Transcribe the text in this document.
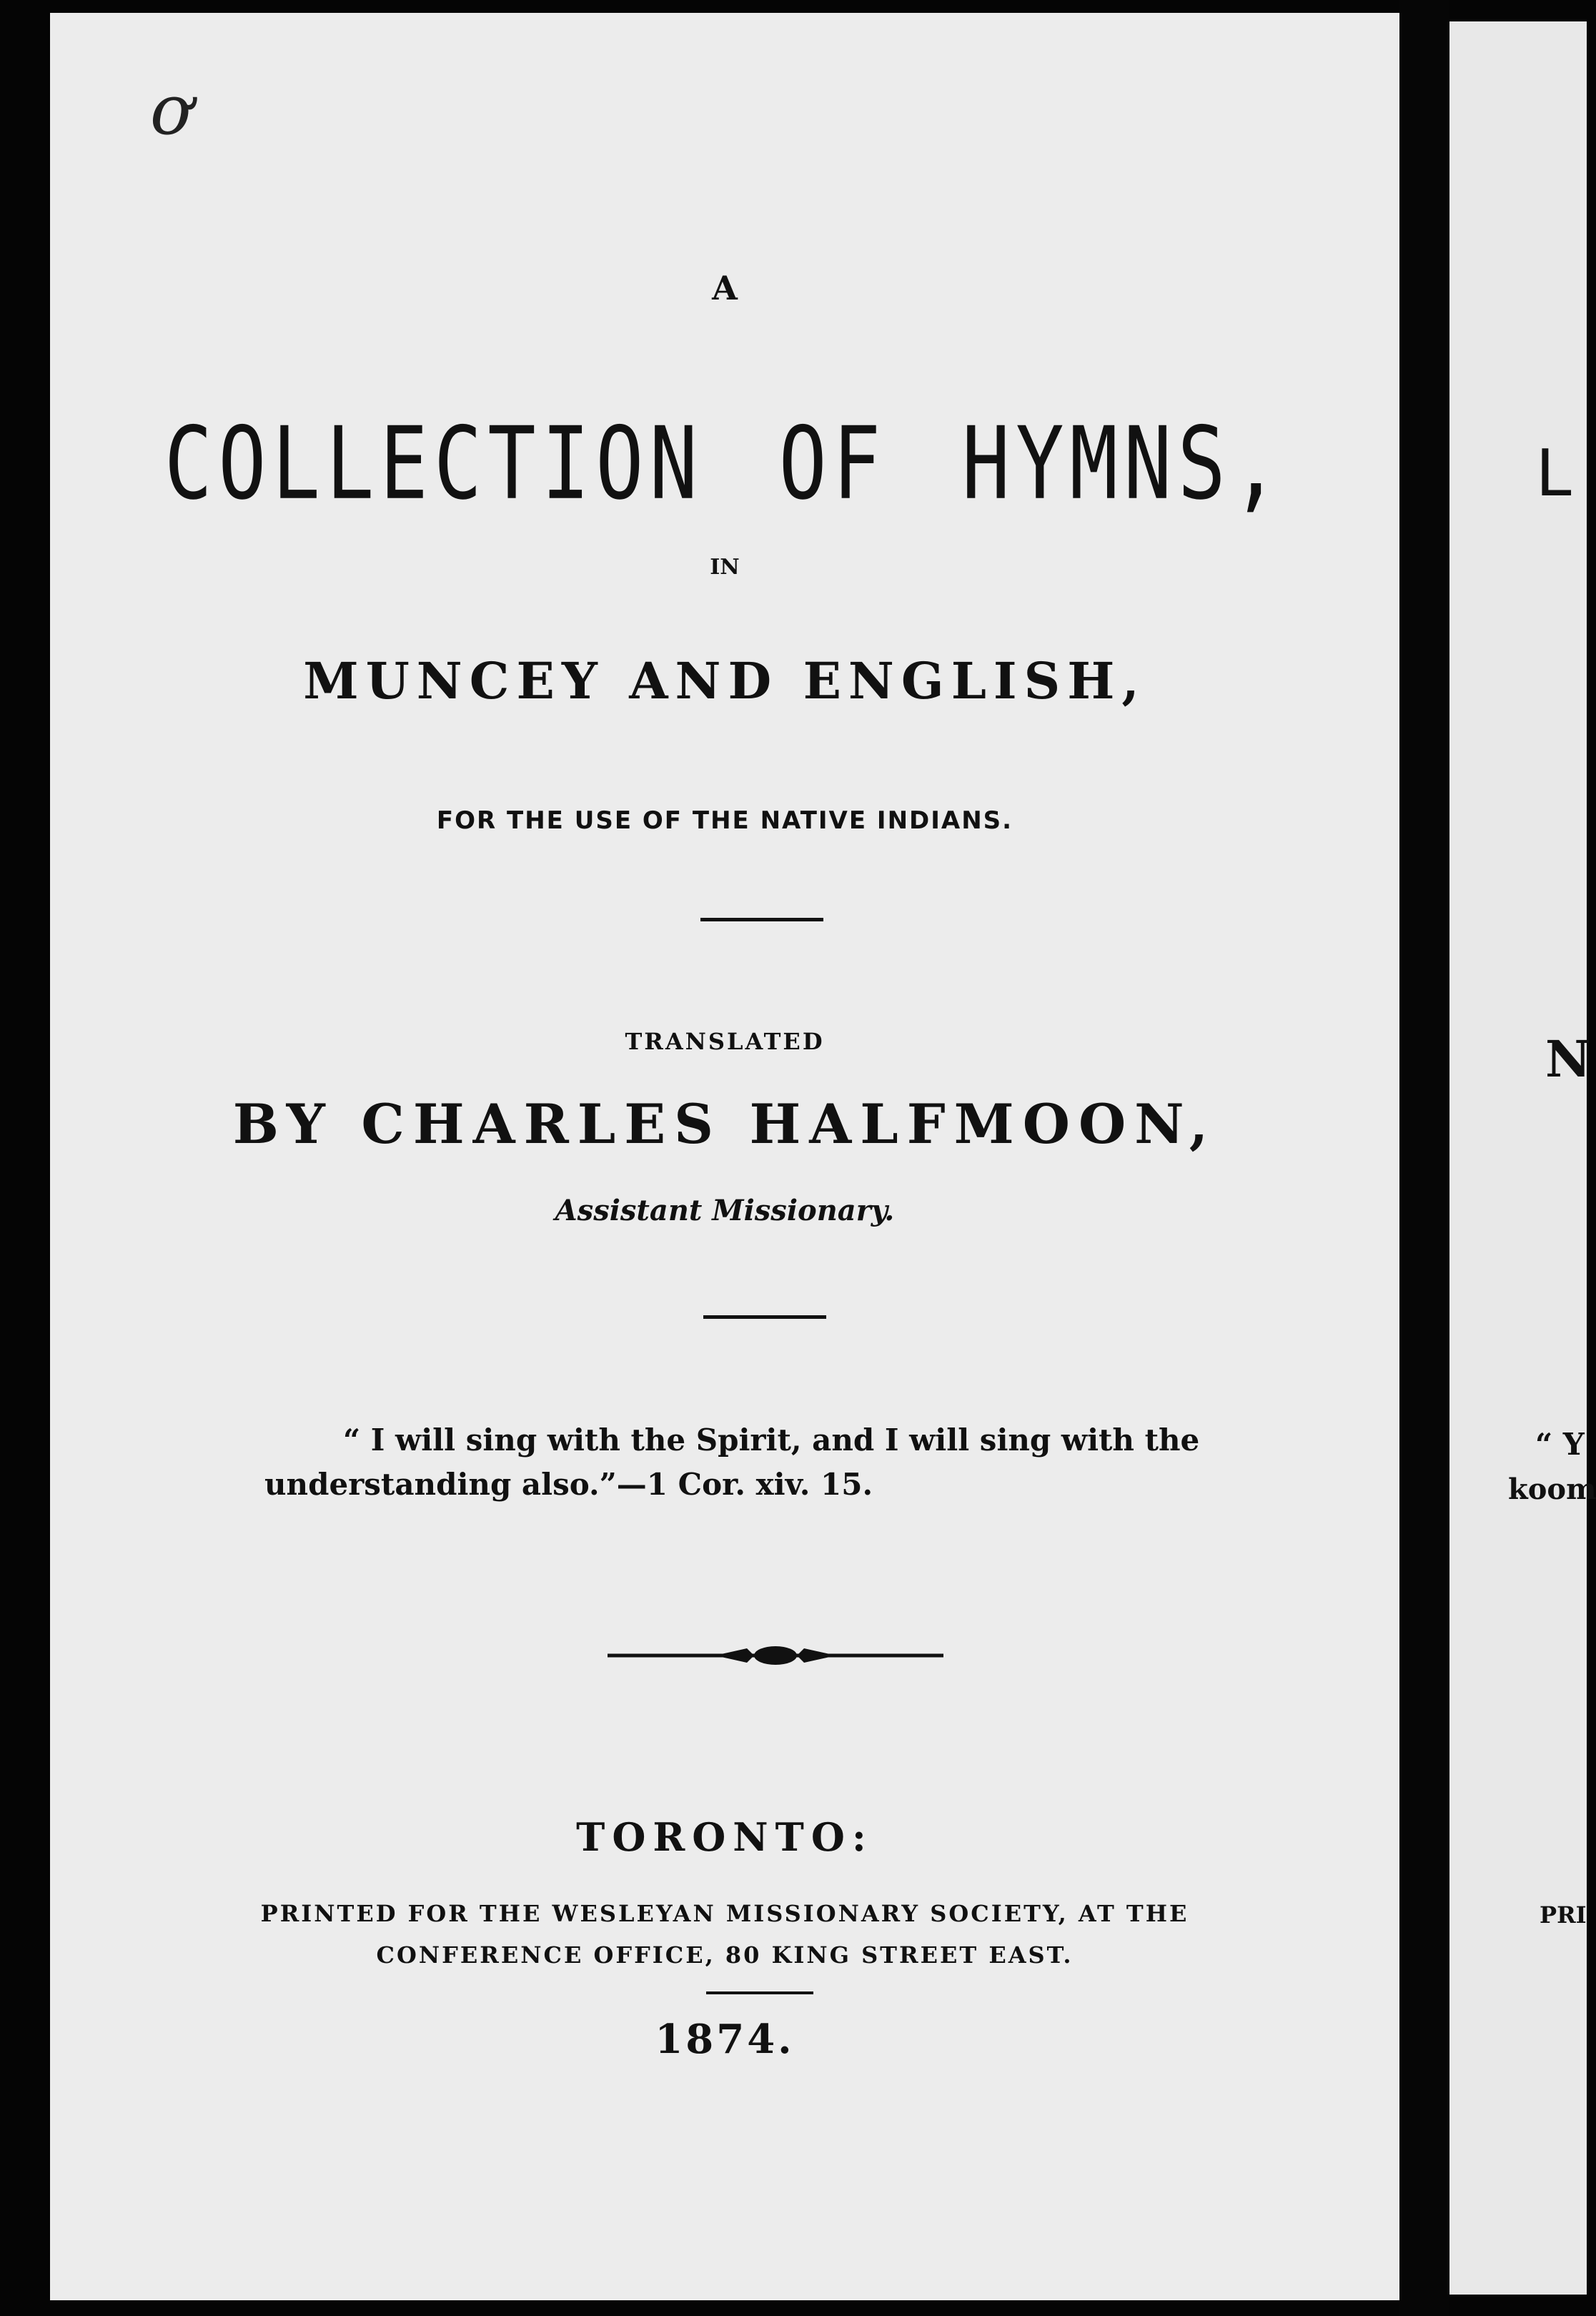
ơ
A
COLLECTION OF HYMNS,
IN
MUNCEY AND ENGLISH,
FOR THE USE OF THE NATIVE INDIANS.
TRANSLATED
BY CHARLES HALFMOON,
Assistant Missionary.
“ I will sing with the Spirit, and I will sing with the understanding also.”—1 Cor. xiv. 15.
TORONTO:
PRINTED FOR THE WESLEYAN MISSIONARY SOCIETY, AT THE
CONFERENCE OFFICE, 80 KING STREET EAST.
1874.
L
N
“ Y
koom
PRI
